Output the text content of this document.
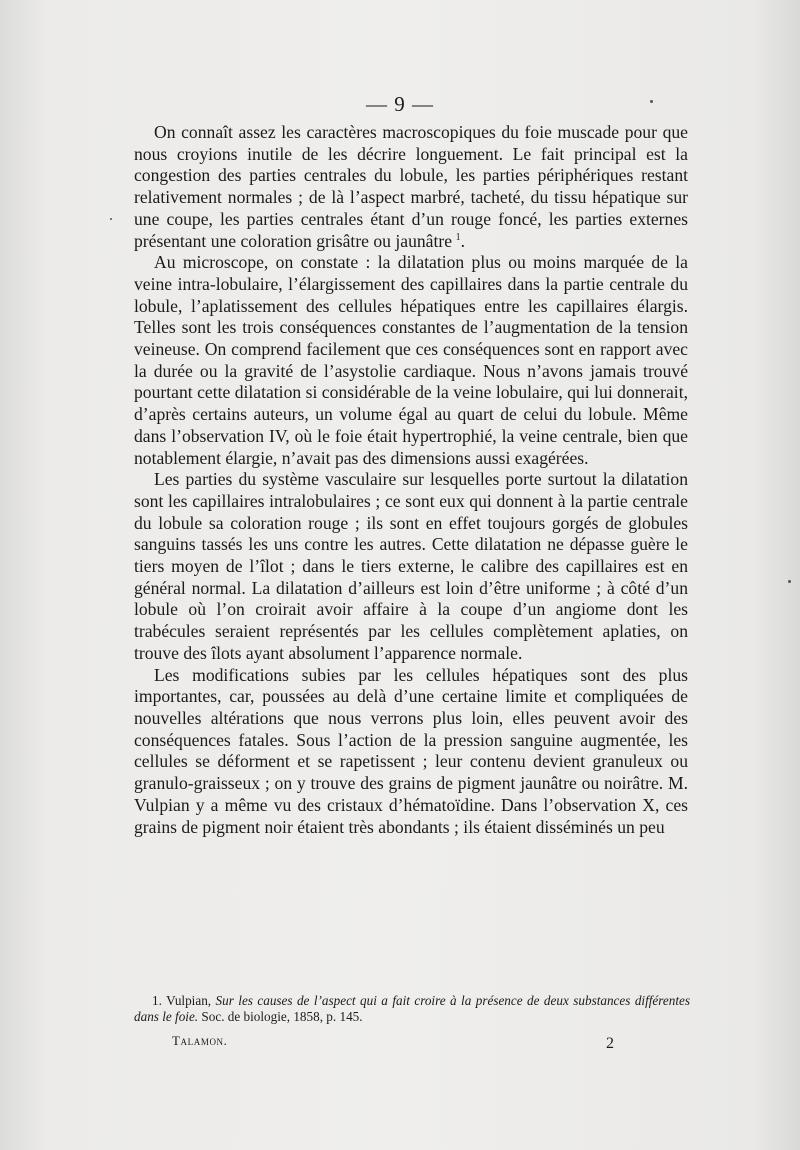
— 9 —

On connaît assez les caractères macroscopiques du foie muscade pour que nous croyions inutile de les décrire longuement. Le fait principal est la congestion des parties centrales du lobule, les parties périphériques restant relativement normales ; de là l’aspect marbré, tacheté, du tissu hépatique sur une coupe, les parties centrales étant d’un rouge foncé, les parties externes présentant une coloration grisâtre ou jaunâtre  $^1$.

Au microscope, on constate : la dilatation plus ou moins marquée de la veine intra-lobulaire, l’élargissement des capillaires dans la partie centrale du lobule, l’aplatissement des cellules hépatiques entre les capillaires élargis. Telles sont les trois conséquences constantes de l’augmentation de la tension veineuse. On comprend facilement que ces conséquences sont en rapport avec la durée ou la gravité de l’asystolie cardiaque. Nous n’avons jamais trouvé pourtant cette dilatation si considérable de la veine lobulaire, qui lui donnerait, d’après certains auteurs, un volume égal au quart de celui du lobule. Même dans l’observation IV, où le foie était hypertrophié, la veine centrale, bien que notablement élargie, n’avait pas des dimensions aussi exagérées.

Les parties du système vasculaire sur lesquelles porte surtout la dilatation sont les capillaires intralobulaires ; ce sont eux qui donnent à la partie centrale du lobule sa coloration rouge ; ils sont en effet toujours gorgés de globules sanguins tassés les uns contre les autres. Cette dilatation ne dépasse guère le tiers moyen de l’îlot ; dans le tiers externe, le calibre des capillaires est en général normal. La dilatation d’ailleurs est loin d’être uniforme ; à côté d’un lobule où l’on croirait avoir affaire à la coupe d’un angiome dont les trabécules seraient représentés par les cellules complètement aplaties, on trouve des îlots ayant absolument l’apparence normale.

Les modifications subies par les cellules hépatiques sont des plus importantes, car, poussées au delà d’une certaine limite et compliquées de nouvelles altérations que nous verrons plus loin, elles peuvent avoir des conséquences fatales. Sous l’action de la pression sanguine augmentée, les cellules se déforment et se rapetissent ; leur contenu devient granuleux ou granulo-graisseux ; on y trouve des grains de pigment jaunâtre ou noirâtre. M. Vulpian y a même vu des cristaux d’hématoïdine. Dans l’observation X, ces grains de pigment noir étaient très abondants ; ils étaient disséminés un peu

1. Vulpian, Sur les causes de l’aspect qui a fait croire à la présence de deux substances différentes dans le foie. Soc. de biologie, 1858, p. 145.

Talamon.	2
